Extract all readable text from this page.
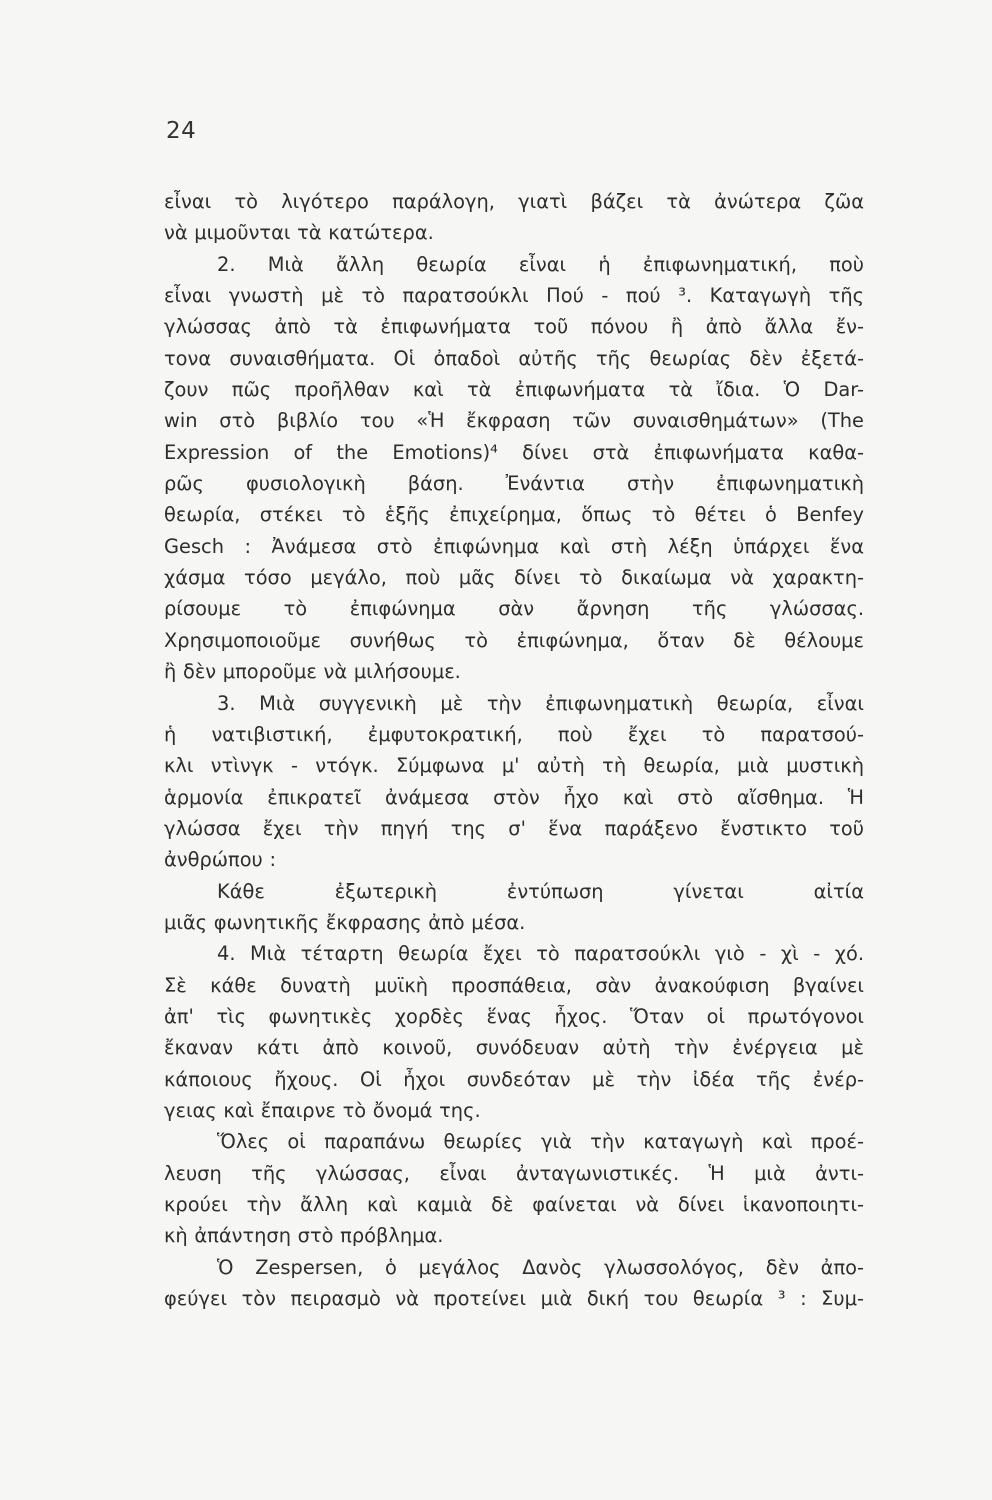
24
εἶναι τὸ λιγότερο παράλογη, γιατὶ βάζει τὰ ἀνώτερα ζῶα
νὰ μιμοῦνται τὰ κατώτερα.
2. Μιὰ ἄλλη θεωρία εἶναι ἡ ἐπιφωνηματική, ποὺ
εἶναι γνωστὴ μὲ τὸ παρατσούκλι Πού - πού ³. Καταγωγὴ τῆς
γλώσσας ἀπὸ τὰ ἐπιφωνήματα τοῦ πόνου ἢ ἀπὸ ἄλλα ἔν-
τονα συναισθήματα. Οἱ ὀπαδοὶ αὐτῆς τῆς θεωρίας δὲν ἐξετά-
ζουν πῶς προῆλθαν καὶ τὰ ἐπιφωνήματα τὰ ἴδια. Ὁ Dar-
win στὸ βιβλίο του «Ἡ ἔκφραση τῶν συναισθημάτων» (The
Expression of the Emotions)⁴ δίνει στὰ ἐπιφωνήματα καθα-
ρῶς φυσιολογικὴ βάση. Ἐνάντια στὴν ἐπιφωνηματικὴ
θεωρία, στέκει τὸ ἑξῆς ἐπιχείρημα, ὅπως τὸ θέτει ὁ Benfey
Gesch : Ἀνάμεσα στὸ ἐπιφώνημα καὶ στὴ λέξη ὑπάρχει ἕνα
χάσμα τόσο μεγάλο, ποὺ μᾶς δίνει τὸ δικαίωμα νὰ χαρακτη-
ρίσουμε τὸ ἐπιφώνημα σὰν ἄρνηση τῆς γλώσσας.
Χρησιμοποιοῦμε συνήθως τὸ ἐπιφώνημα, ὅταν δὲ θέλουμε
ἢ δὲν μποροῦμε νὰ μιλήσουμε.
3. Μιὰ συγγενικὴ μὲ τὴν ἐπιφωνηματικὴ θεωρία, εἶναι
ἡ νατιβιστική, ἐμφυτοκρατική, ποὺ ἔχει τὸ παρατσού-
κλι ντὶνγκ - ντόγκ. Σύμφωνα μ' αὐτὴ τὴ θεωρία, μιὰ μυστικὴ
ἁρμονία ἐπικρατεῖ ἀνάμεσα στὸν ἦχο καὶ στὸ αἴσθημα. Ἡ
γλώσσα ἔχει τὴν πηγή της σ' ἕνα παράξενο ἔνστικτο τοῦ
ἀνθρώπου :
Κάθε ἐξωτερικὴ ἐντύπωση γίνεται αἰτία
μιᾶς φωνητικῆς ἔκφρασης ἀπὸ μέσα.
4. Μιὰ τέταρτη θεωρία ἔχει τὸ παρατσούκλι γιὸ - χὶ - χό.
Σὲ κάθε δυνατὴ μυϊκὴ προσπάθεια, σὰν ἀνακούφιση βγαίνει
ἀπ' τὶς φωνητικὲς χορδὲς ἕνας ἦχος. Ὅταν οἱ πρωτόγονοι
ἔκαναν κάτι ἀπὸ κοινοῦ, συνόδευαν αὐτὴ τὴν ἐνέργεια μὲ
κάποιους ἤχους. Οἱ ἦχοι συνδεόταν μὲ τὴν ἰδέα τῆς ἐνέρ-
γειας καὶ ἔπαιρνε τὸ ὄνομά της.
Ὅλες οἱ παραπάνω θεωρίες γιὰ τὴν καταγωγὴ καὶ προέ-
λευση τῆς γλώσσας, εἶναι ἀνταγωνιστικές. Ἡ μιὰ ἀντι-
κρούει τὴν ἄλλη καὶ καμιὰ δὲ φαίνεται νὰ δίνει ἱκανοποιητι-
κὴ ἀπάντηση στὸ πρόβλημα.
Ὁ Zespersen, ὁ μεγάλος Δανὸς γλωσσολόγος, δὲν ἀπο-
φεύγει τὸν πειρασμὸ νὰ προτείνει μιὰ δική του θεωρία ³ : Συμ-
